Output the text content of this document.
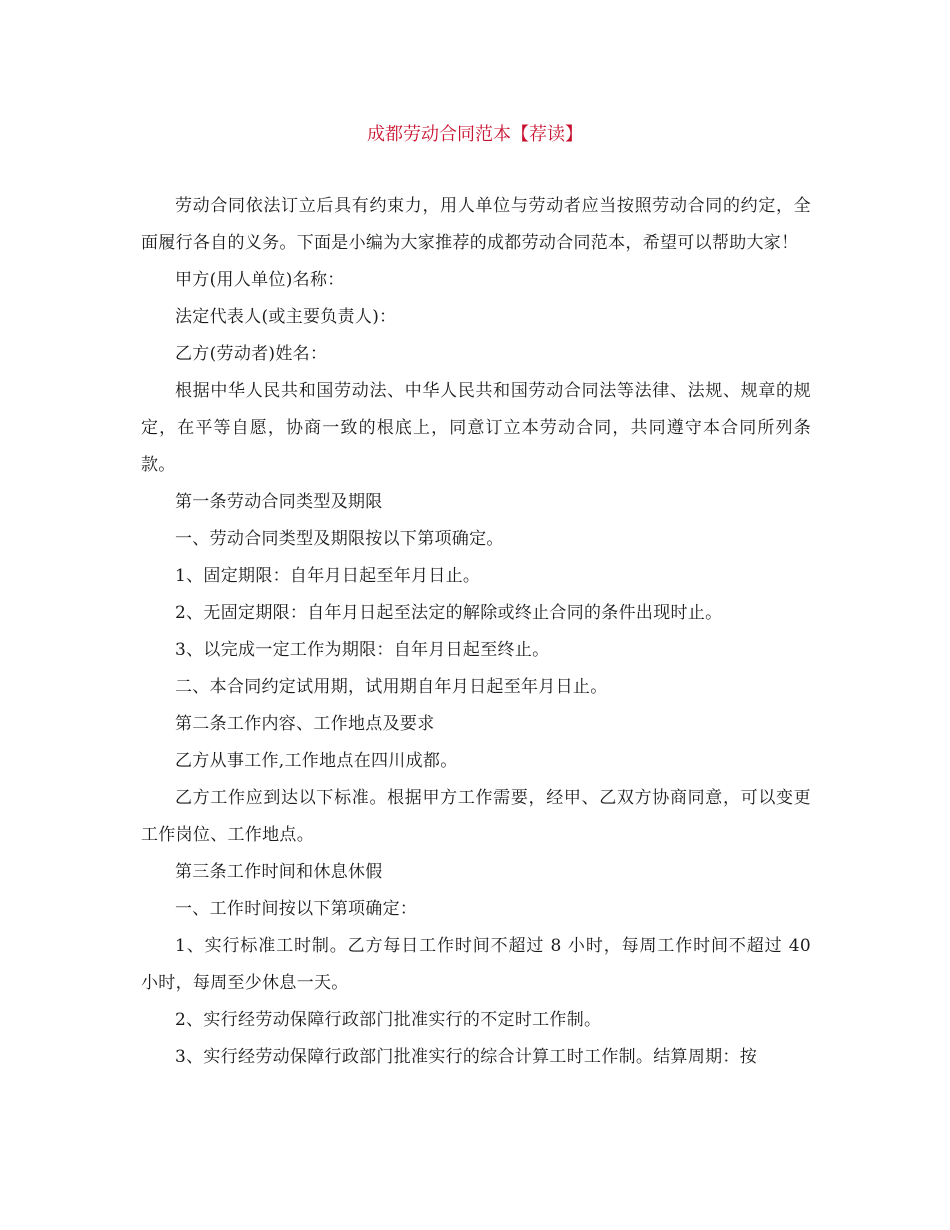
成都劳动合同范本【荐读】

劳动合同依法订立后具有约束力，用人单位与劳动者应当按照劳动合同的约定，全面履行各自的义务。下面是小编为大家推荐的成都劳动合同范本，希望可以帮助大家！

甲方(用人单位)名称：

法定代表人(或主要负责人)：

乙方(劳动者)姓名：

根据中华人民共和国劳动法、中华人民共和国劳动合同法等法律、法规、规章的规定，在平等自愿，协商一致的根底上，同意订立本劳动合同，共同遵守本合同所列条款。

第一条劳动合同类型及期限

一、劳动合同类型及期限按以下第项确定。

1、固定期限：自年月日起至年月日止。

2、无固定期限：自年月日起至法定的解除或终止合同的条件出现时止。

3、以完成一定工作为期限：自年月日起至终止。

二、本合同约定试用期，试用期自年月日起至年月日止。

第二条工作内容、工作地点及要求

乙方从事工作,工作地点在四川成都。

乙方工作应到达以下标准。根据甲方工作需要，经甲、乙双方协商同意，可以变更工作岗位、工作地点。

第三条工作时间和休息休假

一、工作时间按以下第项确定：

1、实行标准工时制。乙方每日工作时间不超过 8 小时，每周工作时间不超过 40 小时，每周至少休息一天。

2、实行经劳动保障行政部门批准实行的不定时工作制。

3、实行经劳动保障行政部门批准实行的综合计算工时工作制。结算周期：按
